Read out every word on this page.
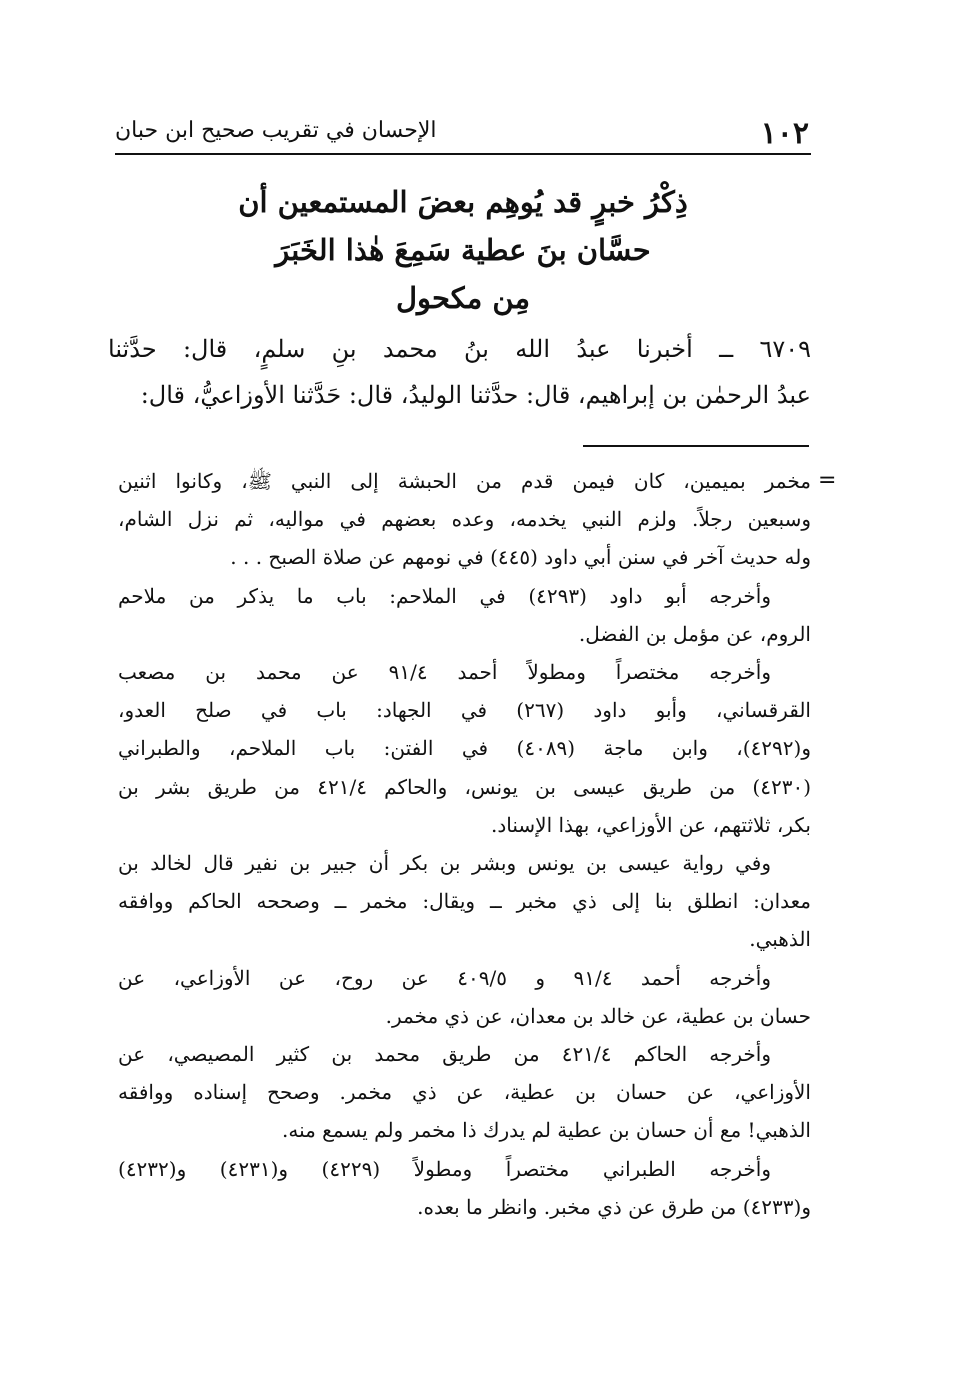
١٠٢
الإحسان في تقريب صحيح ابن حبان
ذِكْرُ خبرٍ قد يُوهِم بعضَ المستمعين أن
حسَّان بنَ عطية سَمِعَ هٰذا الخَبَرَ
مِن مكحول
٦٧٠٩ ــ أخبرنا عبدُ الله بنُ محمد بنِ سلمٍ، قال: حدَّثنا
عبدُ الرحمٰن بن إبراهيم، قال: حدَّثنا الوليدُ، قال: حَدَّثنا الأوزاعيُّ، قال:
=
مخمر بميمين، كان فيمن قدم من الحبشة إلى النبي ﷺ، وكانوا اثنين
وسبعين رجلاً. ولزم النبي يخدمه، وعده بعضهم في مواليه، ثم نزل الشام،
وله حديث آخر في سنن أبي داود (٤٤٥) في نومهم عن صلاة الصبح . . .
وأخرجه أبو داود (٤٢٩٣) في الملاحم: باب ما يذكر من ملاحم
الروم، عن مؤمل بن الفضل.
وأخرجه مختصراً ومطولاً أحمد ٩١/٤ عن محمد بن مصعب
القرقساني، وأبو داود (٢٦٧) في الجهاد: باب في صلح العدو،
و(٤٢٩٢)، وابن ماجة (٤٠٨٩) في الفتن: باب الملاحم، والطبراني
(٤٢٣٠) من طريق عيسى بن يونس، والحاكم ٤٢١/٤ من طريق بشر بن
بكر، ثلاثتهم، عن الأوزاعي، بهذا الإسناد.
وفي رواية عيسى بن يونس وبشر بن بكر أن جبير بن نفير قال لخالد بن
معدان: انطلق بنا إلى ذي مخبر ــ ويقال: مخمر ــ وصححه الحاكم ووافقه
الذهبي.
وأخرجه أحمد ٩١/٤ و ٤٠٩/٥ عن روح، عن الأوزاعي، عن
حسان بن عطية، عن خالد بن معدان، عن ذي مخمر.
وأخرجه الحاكم ٤٢١/٤ من طريق محمد بن كثير المصيصي، عن
الأوزاعي، عن حسان بن عطية، عن ذي مخمر. وصحح إسناده ووافقه
الذهبي! مع أن حسان بن عطية لم يدرك ذا مخمر ولم يسمع منه.
وأخرجه الطبراني مختصراً ومطولاً (٤٢٢٩) و(٤٢٣١) و(٤٢٣٢)
و(٤٢٣٣) من طرق عن ذي مخبر. وانظر ما بعده.
